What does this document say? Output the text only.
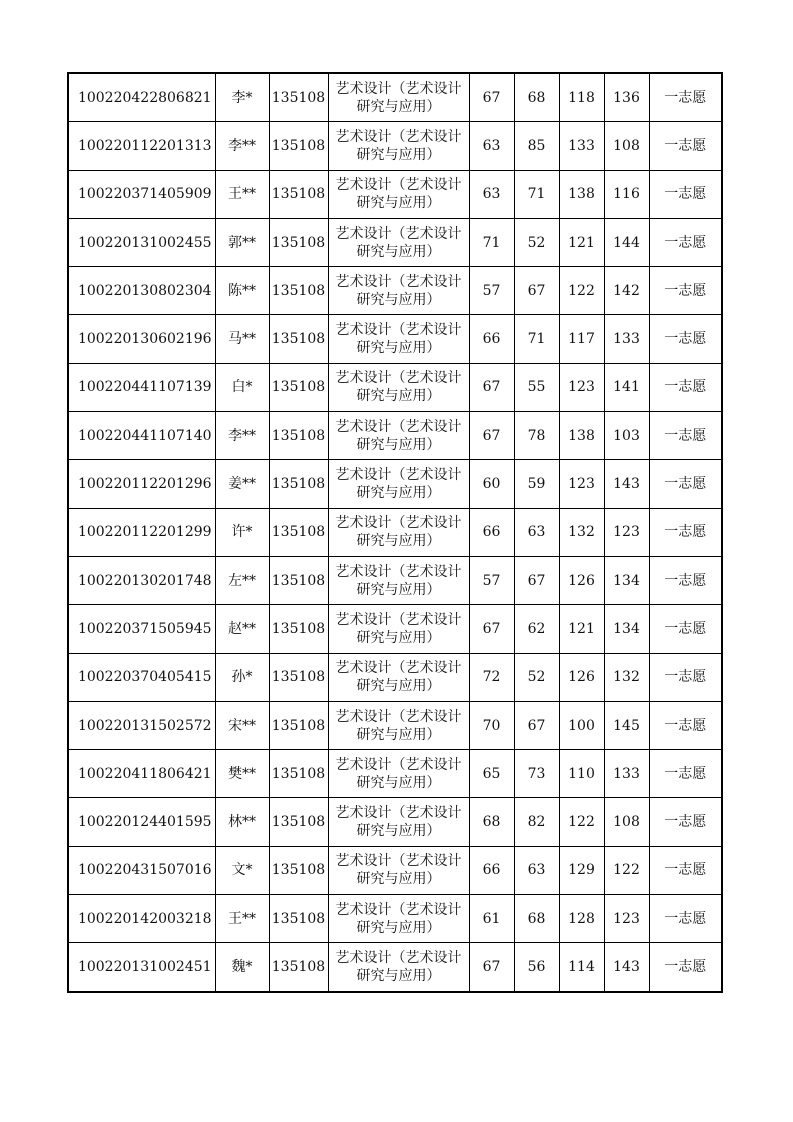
100220422806821	李*	135108	艺术设计（艺术设计研究与应用）	67	68	118	136	一志愿
100220112201313	李**	135108	艺术设计（艺术设计研究与应用）	63	85	133	108	一志愿
100220371405909	王**	135108	艺术设计（艺术设计研究与应用）	63	71	138	116	一志愿
100220131002455	郭**	135108	艺术设计（艺术设计研究与应用）	71	52	121	144	一志愿
100220130802304	陈**	135108	艺术设计（艺术设计研究与应用）	57	67	122	142	一志愿
100220130602196	马**	135108	艺术设计（艺术设计研究与应用）	66	71	117	133	一志愿
100220441107139	白*	135108	艺术设计（艺术设计研究与应用）	67	55	123	141	一志愿
100220441107140	李**	135108	艺术设计（艺术设计研究与应用）	67	78	138	103	一志愿
100220112201296	姜**	135108	艺术设计（艺术设计研究与应用）	60	59	123	143	一志愿
100220112201299	许*	135108	艺术设计（艺术设计研究与应用）	66	63	132	123	一志愿
100220130201748	左**	135108	艺术设计（艺术设计研究与应用）	57	67	126	134	一志愿
100220371505945	赵**	135108	艺术设计（艺术设计研究与应用）	67	62	121	134	一志愿
100220370405415	孙*	135108	艺术设计（艺术设计研究与应用）	72	52	126	132	一志愿
100220131502572	宋**	135108	艺术设计（艺术设计研究与应用）	70	67	100	145	一志愿
100220411806421	樊**	135108	艺术设计（艺术设计研究与应用）	65	73	110	133	一志愿
100220124401595	林**	135108	艺术设计（艺术设计研究与应用）	68	82	122	108	一志愿
100220431507016	文*	135108	艺术设计（艺术设计研究与应用）	66	63	129	122	一志愿
100220142003218	王**	135108	艺术设计（艺术设计研究与应用）	61	68	128	123	一志愿
100220131002451	魏*	135108	艺术设计（艺术设计研究与应用）	67	56	114	143	一志愿
